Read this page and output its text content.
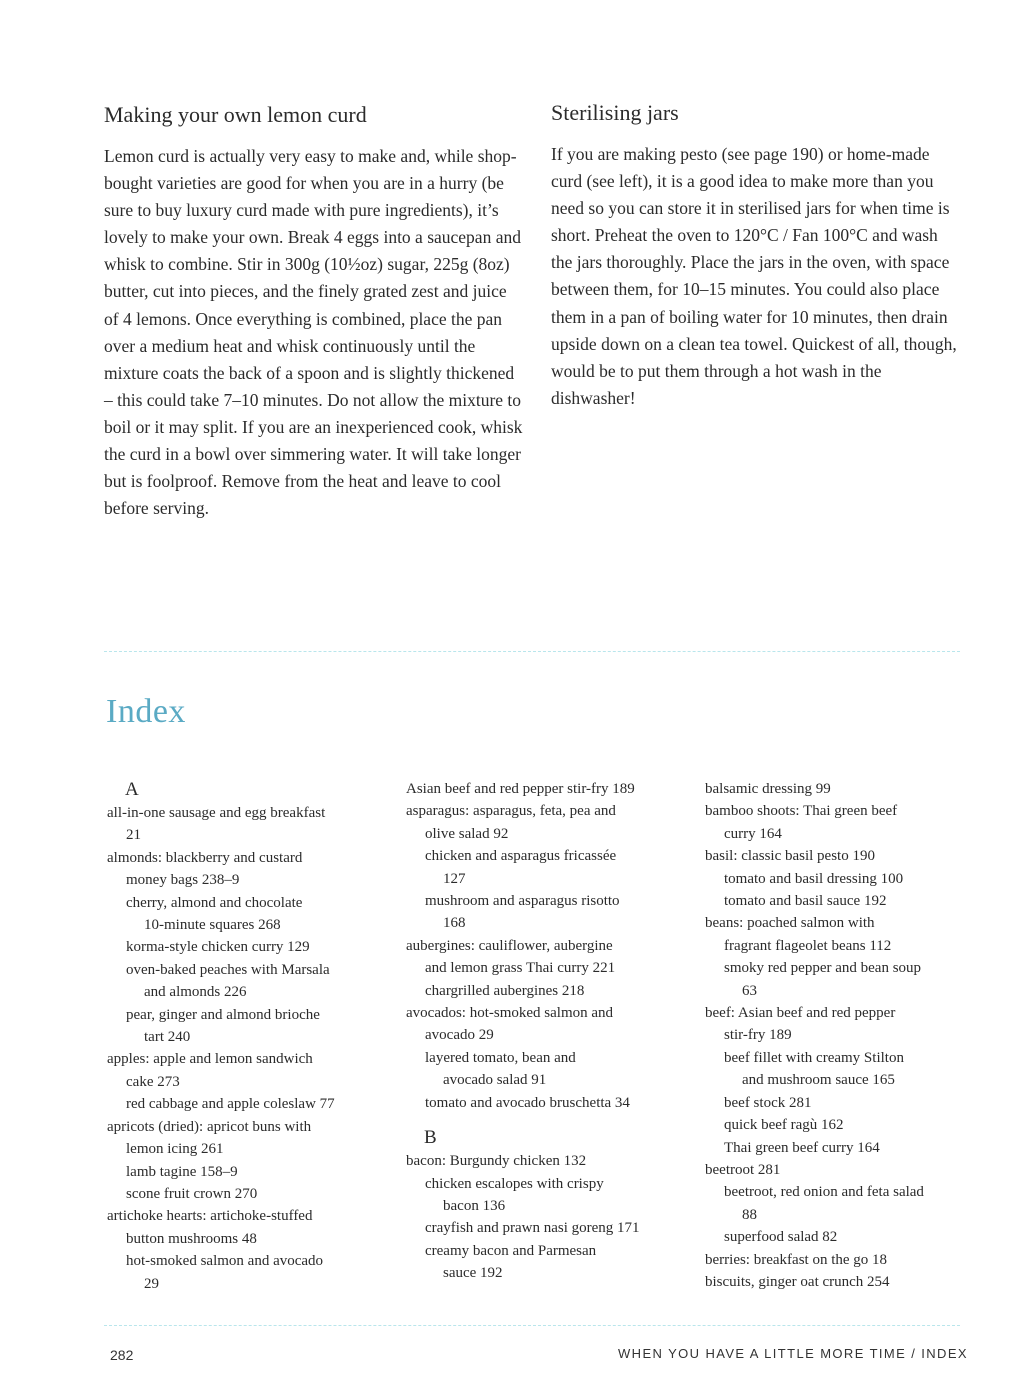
Making your own lemon curd

Lemon curd is actually very easy to make and, while shop-bought varieties are good for when you are in a hurry (be sure to buy luxury curd made with pure ingredients), it’s lovely to make your own. Break 4 eggs into a saucepan and whisk to combine. Stir in 300g (10½oz) sugar, 225g (8oz) butter, cut into pieces, and the finely grated zest and juice of 4 lemons. Once everything is combined, place the pan over a medium heat and whisk continuously until the mixture coats the back of a spoon and is slightly thickened – this could take 7–10 minutes. Do not allow the mixture to boil or it may split. If you are an inexperienced cook, whisk the curd in a bowl over simmering water. It will take longer but is foolproof. Remove from the heat and leave to cool before serving.

Sterilising jars

If you are making pesto (see page 190) or home-made curd (see left), it is a good idea to make more than you need so you can store it in sterilised jars for when time is short. Preheat the oven to 120°C / Fan 100°C and wash the jars thoroughly. Place the jars in the oven, with space between them, for 10–15 minutes. You could also place them in a pan of boiling water for 10 minutes, then drain upside down on a clean tea towel. Quickest of all, though, would be to put them through a hot wash in the dishwasher!

Index
A
all-in-one sausage and egg breakfast
21
almonds: blackberry and custard
money bags 238–9
cherry, almond and chocolate
10-minute squares 268
korma-style chicken curry 129
oven-baked peaches with Marsala
and almonds 226
pear, ginger and almond brioche
tart 240
apples: apple and lemon sandwich
cake 273
red cabbage and apple coleslaw 77
apricots (dried): apricot buns with
lemon icing 261
lamb tagine 158–9
scone fruit crown 270
artichoke hearts: artichoke-stuffed
button mushrooms 48
hot-smoked salmon and avocado
29
Asian beef and red pepper stir-fry 189
asparagus: asparagus, feta, pea and
olive salad 92
chicken and asparagus fricassée
127
mushroom and asparagus risotto
168
aubergines: cauliflower, aubergine
and lemon grass Thai curry 221
chargrilled aubergines 218
avocados: hot-smoked salmon and
avocado 29
layered tomato, bean and
avocado salad 91
tomato and avocado bruschetta 34
B
bacon: Burgundy chicken 132
chicken escalopes with crispy
bacon 136
crayfish and prawn nasi goreng 171
creamy bacon and Parmesan
sauce 192
balsamic dressing 99
bamboo shoots: Thai green beef
curry 164
basil: classic basil pesto 190
tomato and basil dressing 100
tomato and basil sauce 192
beans: poached salmon with
fragrant flageolet beans 112
smoky red pepper and bean soup
63
beef: Asian beef and red pepper
stir-fry 189
beef fillet with creamy Stilton
and mushroom sauce 165
beef stock 281
quick beef ragù 162
Thai green beef curry 164
beetroot 281
beetroot, red onion and feta salad
88
superfood salad 82
berries: breakfast on the go 18
biscuits, ginger oat crunch 254
282	WHEN YOU HAVE A LITTLE MORE TIME / INDEX
